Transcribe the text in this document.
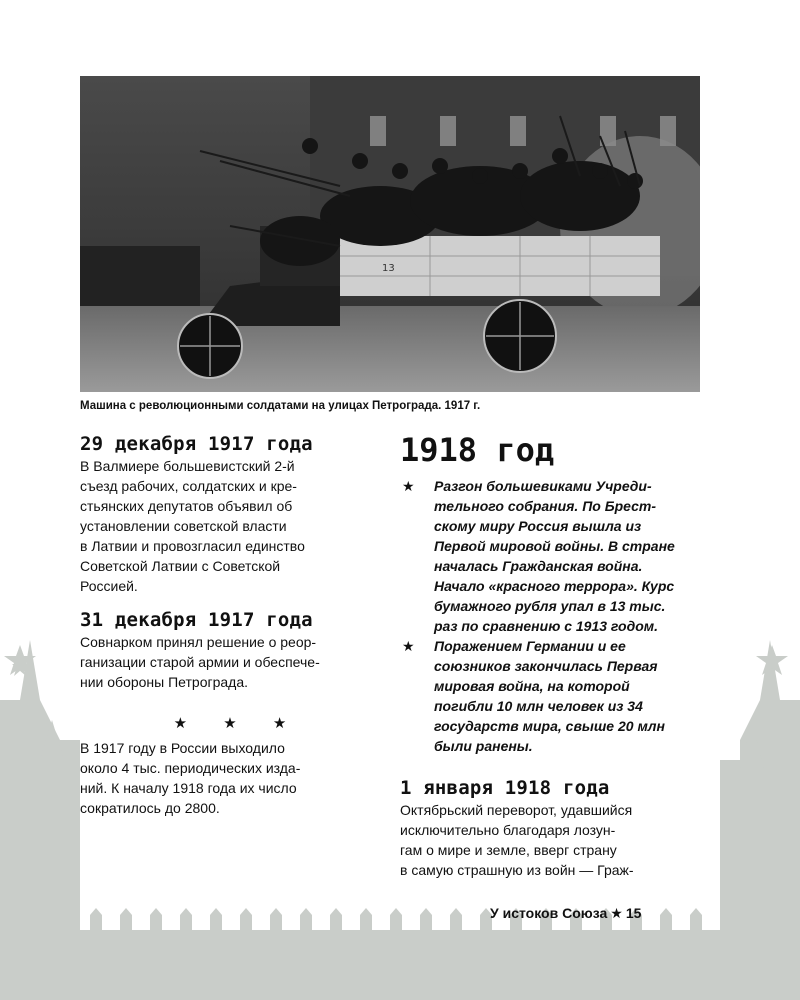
13
Машина с революционными солдатами на улицах Петрограда. 1917 г.
29 декабря 1917 года

В Валмиере большевистский 2-й
съезд рабочих, солдатских и кре-
стьянских депутатов объявил об
установлении советской власти
в Латвии и провозгласил единство
Советской Латвии с Советской
Россией.

31 декабря 1917 года

Совнарком принял решение о реор-
ганизации старой армии и обеспече-
нии обороны Петрограда.

★ ★ ★

В 1917 году в России выходило
около 4 тыс. периодических изда-
ний. К началу 1918 года их число
сократилось до 2800.

1918 год
★ Разгон большевиками Учреди-
тельного собрания. По Брест-
скому миру Россия вышла из
Первой мировой войны. В стране
началась Гражданская война.
Начало «красного террора». Курс
бумажного рубля упал в 13 тыс.
раз по сравнению с 1913 годом.
★ Поражением Германии и ее
союзников закончилась Первая
мировая война, на которой
погибли 10 млн человек из 34
государств мира, свыше 20 млн
были ранены.
1 января 1918 года

Октябрьский переворот, удавшийся
исключительно благодаря лозун-
гам о мире и земле, вверг страну
в самую страшную из войн — Граж-

У истоков Союза ★ 15
